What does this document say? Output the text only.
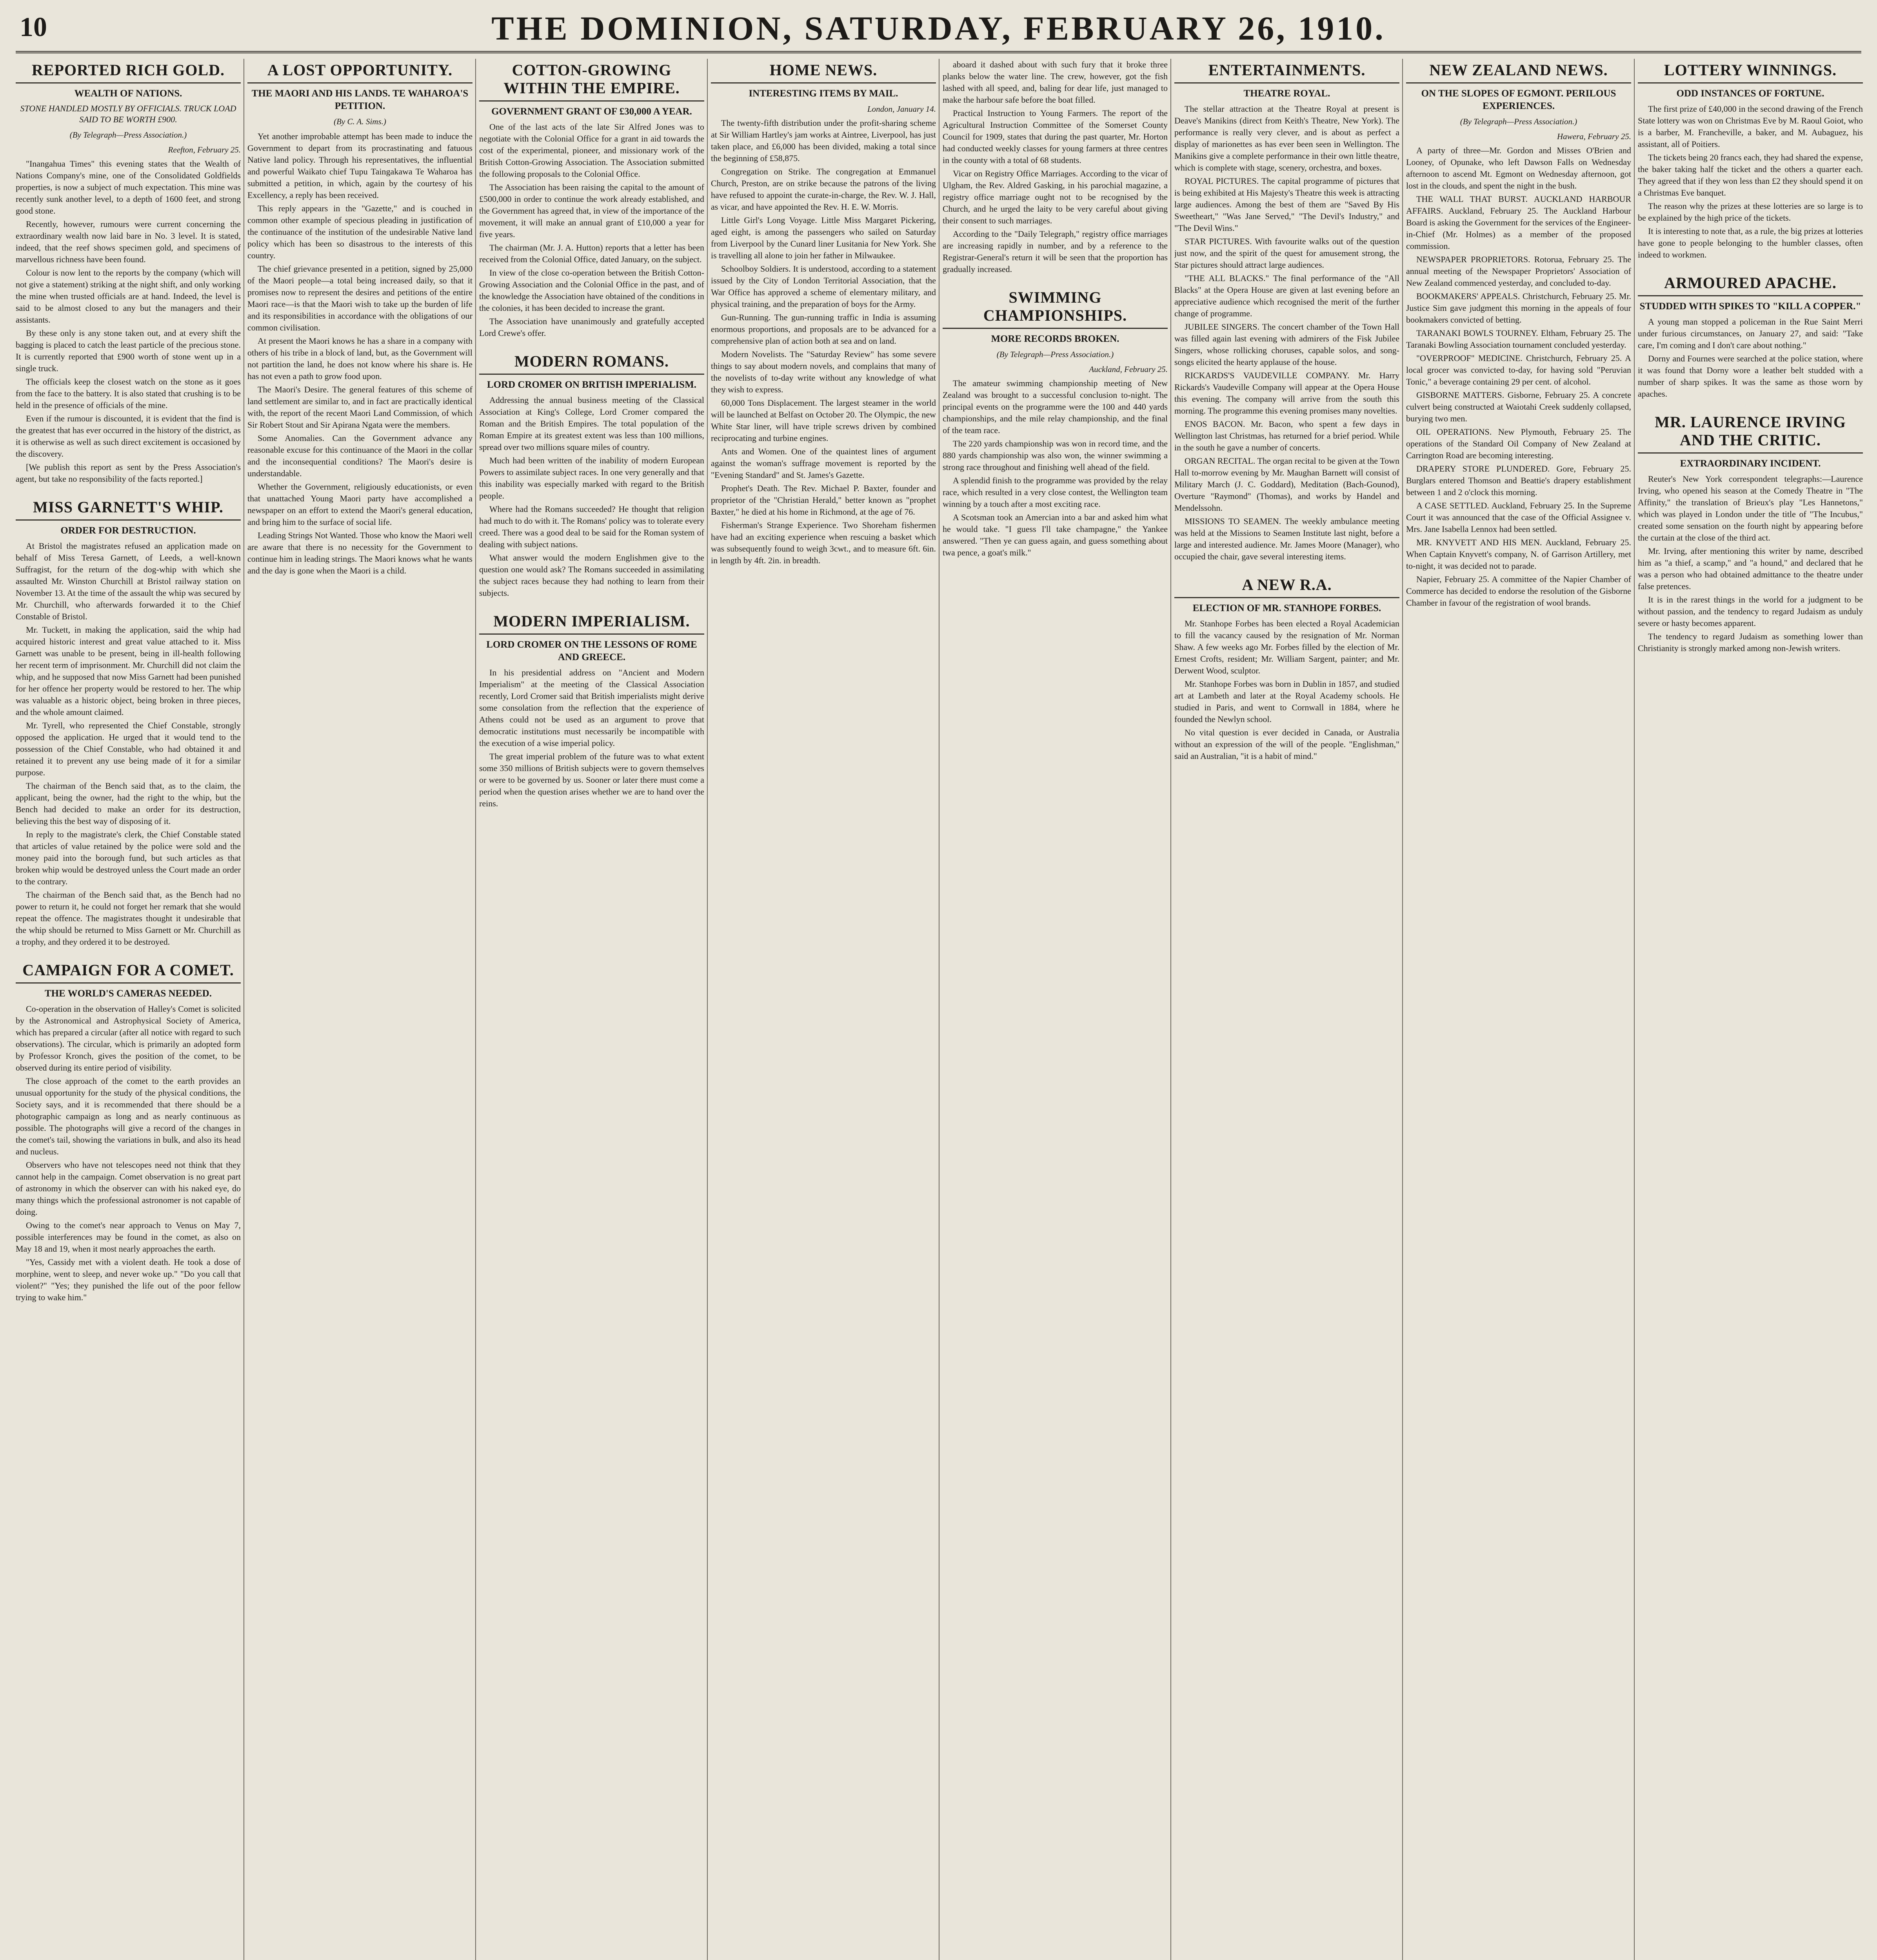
10	THE DOMINION, SATURDAY, FEBRUARY 26, 1910.
REPORTED RICH GOLD.
WEALTH OF NATIONS.
STONE HANDLED MOSTLY BY OFFICIALS. TRUCK LOAD SAID TO BE WORTH £900.
(By Telegraph—Press Association.)
Reefton, February 25.

"Inangahua Times" this evening states that the Wealth of Nations Company's mine, one of the Consolidated Goldfields properties, is now a subject of much expectation. This mine was recently sunk another level, to a depth of 1600 feet, and strong good stone.

Recently, however, rumours were current concerning the extraordinary wealth now laid bare in No. 3 level. It is stated, indeed, that the reef shows specimen gold, and specimens of marvellous richness have been found.

Colour is now lent to the reports by the company (which will not give a statement) striking at the night shift, and only working the mine when trusted officials are at hand. Indeed, the level is said to be almost closed to any but the managers and their assistants.

By these only is any stone taken out, and at every shift the bagging is placed to catch the least particle of the precious stone. It is currently reported that £900 worth of stone went up in a single truck.

The officials keep the closest watch on the stone as it goes from the face to the battery. It is also stated that crushing is to be held in the presence of officials of the mine.

Even if the rumour is discounted, it is evident that the find is the greatest that has ever occurred in the history of the district, as it is otherwise as well as such direct excitement is occasioned by the discovery.

[We publish this report as sent by the Press Association's agent, but take no responsibility of the facts reported.]

MISS GARNETT'S WHIP.
ORDER FOR DESTRUCTION.

At Bristol the magistrates refused an application made on behalf of Miss Teresa Garnett, of Leeds, a well-known Suffragist, for the return of the dog-whip with which she assaulted Mr. Winston Churchill at Bristol railway station on November 13. At the time of the assault the whip was secured by Mr. Churchill, who afterwards forwarded it to the Chief Constable of Bristol.

Mr. Tuckett, in making the application, said the whip had acquired historic interest and great value attached to it. Miss Garnett was unable to be present, being in ill-health following her recent term of imprisonment. Mr. Churchill did not claim the whip, and he supposed that now Miss Garnett had been punished for her offence her property would be restored to her. The whip was valuable as a historic object, being broken in three pieces, and the whole amount claimed.

Mr. Tyrell, who represented the Chief Constable, strongly opposed the application. He urged that it would tend to the possession of the Chief Constable, who had obtained it and retained it to prevent any use being made of it for a similar purpose.

The chairman of the Bench said that, as to the claim, the applicant, being the owner, had the right to the whip, but the Bench had decided to make an order for its destruction, believing this the best way of disposing of it.

In reply to the magistrate's clerk, the Chief Constable stated that articles of value retained by the police were sold and the money paid into the borough fund, but such articles as that broken whip would be destroyed unless the Court made an order to the contrary.

The chairman of the Bench said that, as the Bench had no power to return it, he could not forget her remark that she would repeat the offence. The magistrates thought it undesirable that the whip should be returned to Miss Garnett or Mr. Churchill as a trophy, and they ordered it to be destroyed.

CAMPAIGN FOR A COMET.
THE WORLD'S CAMERAS NEEDED.

Co-operation in the observation of Halley's Comet is solicited by the Astronomical and Astrophysical Society of America, which has prepared a circular (after all notice with regard to such observations). The circular, which is primarily an adopted form by Professor Kronch, gives the position of the comet, to be observed during its entire period of visibility.

The close approach of the comet to the earth provides an unusual opportunity for the study of the physical conditions, the Society says, and it is recommended that there should be a photographic campaign as long and as nearly continuous as possible. The photographs will give a record of the changes in the comet's tail, showing the variations in bulk, and also its head and nucleus.

Observers who have not telescopes need not think that they cannot help in the campaign. Comet observation is no great part of astronomy in which the observer can with his naked eye, do many things which the professional astronomer is not capable of doing.

Owing to the comet's near approach to Venus on May 7, possible interferences may be found in the comet, as also on May 18 and 19, when it most nearly approaches the earth.

"Yes, Cassidy met with a violent death. He took a dose of morphine, went to sleep, and never woke up." "Do you call that violent?" "Yes; they punished the life out of the poor fellow trying to wake him."

A LOST OPPORTUNITY.
THE MAORI AND HIS LANDS. TE WAHAROA'S PETITION.
(By C. A. Sims.)

Yet another improbable attempt has been made to induce the Government to depart from its procrastinating and fatuous Native land policy. Through his representatives, the influential and powerful Waikato chief Tupu Taingakawa Te Waharoa has submitted a petition, in which, again by the courtesy of his Excellency, a reply has been received.

This reply appears in the "Gazette," and is couched in common other example of specious pleading in justification of the continuance of the institution of the undesirable Native land policy which has been so disastrous to the interests of this country.

The chief grievance presented in a petition, signed by 25,000 of the Maori people—a total being increased daily, so that it promises now to represent the desires and petitions of the entire Maori race—is that the Maori wish to take up the burden of life and its responsibilities in accordance with the obligations of our common civilisation.

At present the Maori knows he has a share in a company with others of his tribe in a block of land, but, as the Government will not partition the land, he does not know where his share is. He has not even a path to grow food upon.

The Maori's Desire. The general features of this scheme of land settlement are similar to, and in fact are practically identical with, the report of the recent Maori Land Commission, of which Sir Robert Stout and Sir Apirana Ngata were the members.

Some Anomalies. Can the Government advance any reasonable excuse for this continuance of the Maori in the collar and the inconsequential conditions? The Maori's desire is understandable.

Whether the Government, religiously educationists, or even that unattached Young Maori party have accomplished a newspaper on an effort to extend the Maori's general education, and bring him to the surface of social life.

Leading Strings Not Wanted. Those who know the Maori well are aware that there is no necessity for the Government to continue him in leading strings. The Maori knows what he wants and the day is gone when the Maori is a child.

COTTON-GROWING WITHIN THE EMPIRE.
GOVERNMENT GRANT OF £30,000 A YEAR.

One of the last acts of the late Sir Alfred Jones was to negotiate with the Colonial Office for a grant in aid towards the cost of the experimental, pioneer, and missionary work of the British Cotton-Growing Association. The Association submitted the following proposals to the Colonial Office.

The Association has been raising the capital to the amount of £500,000 in order to continue the work already established, and the Government has agreed that, in view of the importance of the movement, it will make an annual grant of £10,000 a year for five years.

The chairman (Mr. J. A. Hutton) reports that a letter has been received from the Colonial Office, dated January, on the subject.

In view of the close co-operation between the British Cotton-Growing Association and the Colonial Office in the past, and of the knowledge the Association have obtained of the conditions in the colonies, it has been decided to increase the grant.

The Association have unanimously and gratefully accepted Lord Crewe's offer.

MODERN ROMANS.
LORD CROMER ON BRITISH IMPERIALISM.

Addressing the annual business meeting of the Classical Association at King's College, Lord Cromer compared the Roman and the British Empires. The total population of the Roman Empire at its greatest extent was less than 100 millions, spread over two millions square miles of country.

Much had been written of the inability of modern European Powers to assimilate subject races. In one very generally and that this inability was especially marked with regard to the British people.

Where had the Romans succeeded? He thought that religion had much to do with it. The Romans' policy was to tolerate every creed. There was a good deal to be said for the Roman system of dealing with subject nations.

What answer would the modern Englishmen give to the question one would ask? The Romans succeeded in assimilating the subject races because they had nothing to learn from their subjects.

MODERN IMPERIALISM.
LORD CROMER ON THE LESSONS OF ROME AND GREECE.

In his presidential address on "Ancient and Modern Imperialism" at the meeting of the Classical Association recently, Lord Cromer said that British imperialists might derive some consolation from the reflection that the experience of Athens could not be used as an argument to prove that democratic institutions must necessarily be incompatible with the execution of a wise imperial policy.

The great imperial problem of the future was to what extent some 350 millions of British subjects were to govern themselves or were to be governed by us. Sooner or later there must come a period when the question arises whether we are to hand over the reins.

HOME NEWS.
INTERESTING ITEMS BY MAIL.
London, January 14.

The twenty-fifth distribution under the profit-sharing scheme at Sir William Hartley's jam works at Aintree, Liverpool, has just taken place, and £6,000 has been divided, making a total since the beginning of £58,875.

Congregation on Strike. The congregation at Emmanuel Church, Preston, are on strike because the patrons of the living have refused to appoint the curate-in-charge, the Rev. W. J. Hall, as vicar, and have appointed the Rev. H. E. W. Morris.

Little Girl's Long Voyage. Little Miss Margaret Pickering, aged eight, is among the passengers who sailed on Saturday from Liverpool by the Cunard liner Lusitania for New York. She is travelling all alone to join her father in Milwaukee.

Schoolboy Soldiers. It is understood, according to a statement issued by the City of London Territorial Association, that the War Office has approved a scheme of elementary military, and physical training, and the preparation of boys for the Army.

Gun-Running. The gun-running traffic in India is assuming enormous proportions, and proposals are to be advanced for a comprehensive plan of action both at sea and on land.

Modern Novelists. The "Saturday Review" has some severe things to say about modern novels, and complains that many of the novelists of to-day write without any knowledge of what they wish to express.

60,000 Tons Displacement. The largest steamer in the world will be launched at Belfast on October 20. The Olympic, the new White Star liner, will have triple screws driven by combined reciprocating and turbine engines.

Ants and Women. One of the quaintest lines of argument against the woman's suffrage movement is reported by the "Evening Standard" and St. James's Gazette.

Prophet's Death. The Rev. Michael P. Baxter, founder and proprietor of the "Christian Herald," better known as "prophet Baxter," he died at his home in Richmond, at the age of 76.

Fisherman's Strange Experience. Two Shoreham fishermen have had an exciting experience when rescuing a basket which was subsequently found to weigh 3cwt., and to measure 6ft. 6in. in length by 4ft. 2in. in breadth.

aboard it dashed about with such fury that it broke three planks below the water line. The crew, however, got the fish lashed with all speed, and, baling for dear life, just managed to make the harbour safe before the boat filled.

Practical Instruction to Young Farmers. The report of the Agricultural Instruction Committee of the Somerset County Council for 1909, states that during the past quarter, Mr. Horton had conducted weekly classes for young farmers at three centres in the county with a total of 68 students.

Vicar on Registry Office Marriages. According to the vicar of Ulgham, the Rev. Aldred Gasking, in his parochial magazine, a registry office marriage ought not to be recognised by the Church, and he urged the laity to be very careful about giving their consent to such marriages.

According to the "Daily Telegraph," registry office marriages are increasing rapidly in number, and by a reference to the Registrar-General's return it will be seen that the proportion has gradually increased.

SWIMMING CHAMPIONSHIPS.
MORE RECORDS BROKEN.
(By Telegraph—Press Association.)
Auckland, February 25.

The amateur swimming championship meeting of New Zealand was brought to a successful conclusion to-night. The principal events on the programme were the 100 and 440 yards championships, and the mile relay championship, and the final of the team race.

The 220 yards championship was won in record time, and the 880 yards championship was also won, the winner swimming a strong race throughout and finishing well ahead of the field.

A splendid finish to the programme was provided by the relay race, which resulted in a very close contest, the Wellington team winning by a touch after a most exciting race.

A Scotsman took an Amercian into a bar and asked him what he would take. "I guess I'll take champagne," the Yankee answered. "Then ye can guess again, and guess something about twa pence, a goat's milk."

ENTERTAINMENTS.
THEATRE ROYAL.

The stellar attraction at the Theatre Royal at present is Deave's Manikins (direct from Keith's Theatre, New York). The performance is really very clever, and is about as perfect a display of marionettes as has ever been seen in Wellington. The Manikins give a complete performance in their own little theatre, which is complete with stage, scenery, orchestra, and boxes.

ROYAL PICTURES. The capital programme of pictures that is being exhibited at His Majesty's Theatre this week is attracting large audiences. Among the best of them are "Saved By His Sweetheart," "Was Jane Served," "The Devil's Industry," and "The Devil Wins."

STAR PICTURES. With favourite walks out of the question just now, and the spirit of the quest for amusement strong, the Star pictures should attract large audiences.

"THE ALL BLACKS." The final performance of the "All Blacks" at the Opera House are given at last evening before an appreciative audience which recognised the merit of the further change of programme.

JUBILEE SINGERS. The concert chamber of the Town Hall was filled again last evening with admirers of the Fisk Jubilee Singers, whose rollicking choruses, capable solos, and song-songs elicited the hearty applause of the house.

RICKARDS'S VAUDEVILLE COMPANY. Mr. Harry Rickards's Vaudeville Company will appear at the Opera House this evening. The company will arrive from the south this morning. The programme this evening promises many novelties.

ENOS BACON. Mr. Bacon, who spent a few days in Wellington last Christmas, has returned for a brief period. While in the south he gave a number of concerts.

ORGAN RECITAL. The organ recital to be given at the Town Hall to-morrow evening by Mr. Maughan Barnett will consist of Military March (J. C. Goddard), Meditation (Bach-Gounod), Overture "Raymond" (Thomas), and works by Handel and Mendelssohn.

MISSIONS TO SEAMEN. The weekly ambulance meeting was held at the Missions to Seamen Institute last night, before a large and interested audience. Mr. James Moore (Manager), who occupied the chair, gave several interesting items.

A NEW R.A.
ELECTION OF MR. STANHOPE FORBES.

Mr. Stanhope Forbes has been elected a Royal Academician to fill the vacancy caused by the resignation of Mr. Norman Shaw. A few weeks ago Mr. Forbes filled by the election of Mr. Ernest Crofts, resident; Mr. William Sargent, painter; and Mr. Derwent Wood, sculptor.

Mr. Stanhope Forbes was born in Dublin in 1857, and studied art at Lambeth and later at the Royal Academy schools. He studied in Paris, and went to Cornwall in 1884, where he founded the Newlyn school.

No vital question is ever decided in Canada, or Australia without an expression of the will of the people. "Englishman," said an Australian, "it is a habit of mind."

NEW ZEALAND NEWS.
ON THE SLOPES OF EGMONT. PERILOUS EXPERIENCES.
(By Telegraph—Press Association.)
Hawera, February 25.

A party of three—Mr. Gordon and Misses O'Brien and Looney, of Opunake, who left Dawson Falls on Wednesday afternoon to ascend Mt. Egmont on Wednesday afternoon, got lost in the clouds, and spent the night in the bush.

THE WALL THAT BURST. AUCKLAND HARBOUR AFFAIRS. Auckland, February 25. The Auckland Harbour Board is asking the Government for the services of the Engineer-in-Chief (Mr. Holmes) as a member of the proposed commission.

NEWSPAPER PROPRIETORS. Rotorua, February 25. The annual meeting of the Newspaper Proprietors' Association of New Zealand commenced yesterday, and concluded to-day.

BOOKMAKERS' APPEALS. Christchurch, February 25. Mr. Justice Sim gave judgment this morning in the appeals of four bookmakers convicted of betting.

TARANAKI BOWLS TOURNEY. Eltham, February 25. The Taranaki Bowling Association tournament concluded yesterday.

"OVERPROOF" MEDICINE. Christchurch, February 25. A local grocer was convicted to-day, for having sold "Peruvian Tonic," a beverage containing 29 per cent. of alcohol.

GISBORNE MATTERS. Gisborne, February 25. A concrete culvert being constructed at Waiotahi Creek suddenly collapsed, burying two men.

OIL OPERATIONS. New Plymouth, February 25. The operations of the Standard Oil Company of New Zealand at Carrington Road are becoming interesting.

DRAPERY STORE PLUNDERED. Gore, February 25. Burglars entered Thomson and Beattie's drapery establishment between 1 and 2 o'clock this morning.

A CASE SETTLED. Auckland, February 25. In the Supreme Court it was announced that the case of the Official Assignee v. Mrs. Jane Isabella Lennox had been settled.

MR. KNYVETT AND HIS MEN. Auckland, February 25. When Captain Knyvett's company, N. of Garrison Artillery, met to-night, it was decided not to parade.

Napier, February 25. A committee of the Napier Chamber of Commerce has decided to endorse the resolution of the Gisborne Chamber in favour of the registration of wool brands.

LOTTERY WINNINGS.
ODD INSTANCES OF FORTUNE.

The first prize of £40,000 in the second drawing of the French State lottery was won on Christmas Eve by M. Raoul Goiot, who is a barber, M. Francheville, a baker, and M. Aubaguez, his assistant, all of Poitiers.

The tickets being 20 francs each, they had shared the expense, the baker taking half the ticket and the others a quarter each. They agreed that if they won less than £2 they should spend it on a Christmas Eve banquet.

The reason why the prizes at these lotteries are so large is to be explained by the high price of the tickets.

It is interesting to note that, as a rule, the big prizes at lotteries have gone to people belonging to the humbler classes, often indeed to workmen.

ARMOURED APACHE.
STUDDED WITH SPIKES TO "KILL A COPPER."

A young man stopped a policeman in the Rue Saint Merri under furious circumstances, on January 27, and said: "Take care, I'm coming and I don't care about nothing."

Dorny and Fournes were searched at the police station, where it was found that Dorny wore a leather belt studded with a number of sharp spikes. It was the same as those worn by apaches.

MR. LAURENCE IRVING AND THE CRITIC.
EXTRAORDINARY INCIDENT.

Reuter's New York correspondent telegraphs:—Laurence Irving, who opened his season at the Comedy Theatre in "The Affinity," the translation of Brieux's play "Les Hannetons," which was played in London under the title of "The Incubus," created some sensation on the fourth night by appearing before the curtain at the close of the third act.

Mr. Irving, after mentioning this writer by name, described him as "a thief, a scamp," and "a hound," and declared that he was a person who had obtained admittance to the theatre under false pretences.

It is in the rarest things in the world for a judgment to be without passion, and the tendency to regard Judaism as unduly severe or hasty becomes apparent.

The tendency to regard Judaism as something lower than Christianity is strongly marked among non-Jewish writers.
